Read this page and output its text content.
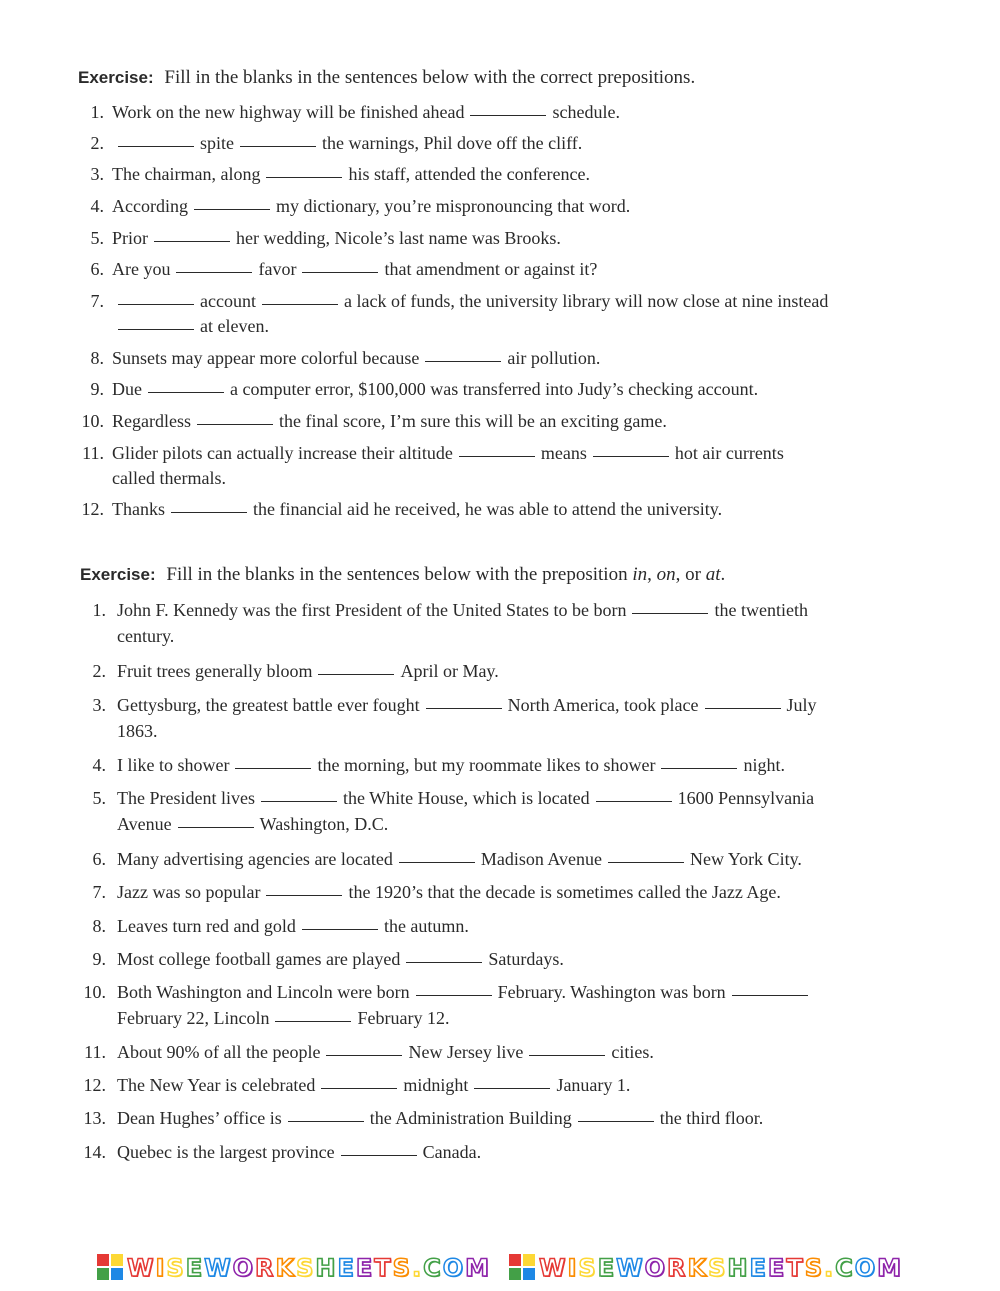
Exercise: Fill in the blanks in the sentences below with the correct prepositions.
1. Work on the new highway will be finished ahead	schedule.
2.	spite	the warnings, Phil dove off the cliff.
3. The chairman, along	his staff, attended the conference.
4. According	my dictionary, you’re mispronouncing that word.
5. Prior	her wedding, Nicole’s last name was Brooks.
6. Are you	favor	that amendment or against it?
7.	account	a lack of funds, the university library will now close at nine instead
at eleven.
8. Sunsets may appear more colorful because	air pollution.
9. Due	a computer error, $100,000 was transferred into Judy’s checking account.
10. Regardless	the final score, I’m sure this will be an exciting game.
11. Glider pilots can actually increase their altitude	means	hot air currents
called thermals.
12. Thanks	the financial aid he received, he was able to attend the university.
Exercise: Fill in the blanks in the sentences below with the preposition in, on, or at.
1. John F. Kennedy was the first President of the United States to be born	the twentieth
century.
2. Fruit trees generally bloom	April or May.
3. Gettysburg, the greatest battle ever fought	North America, took place	July
1863.
4. I like to shower	the morning, but my roommate likes to shower	night.
5. The President lives	the White House, which is located	1600 Pennsylvania
Avenue	Washington, D.C.
6. Many advertising agencies are located	Madison Avenue	New York City.
7. Jazz was so popular	the 1920’s that the decade is sometimes called the Jazz Age.
8. Leaves turn red and gold	the autumn.
9. Most college football games are played	Saturdays.
10. Both Washington and Lincoln were born	February. Washington was born
February 22, Lincoln	February 12.
11. About 90% of all the people	New Jersey live	cities.
12. The New Year is celebrated	midnight	January 1.
13. Dean Hughes’ office is	the Administration Building	the third floor.
14. Quebec is the largest province	Canada.
WISEWORKSHEETS.COM	WISEWORKSHEETS.COM
